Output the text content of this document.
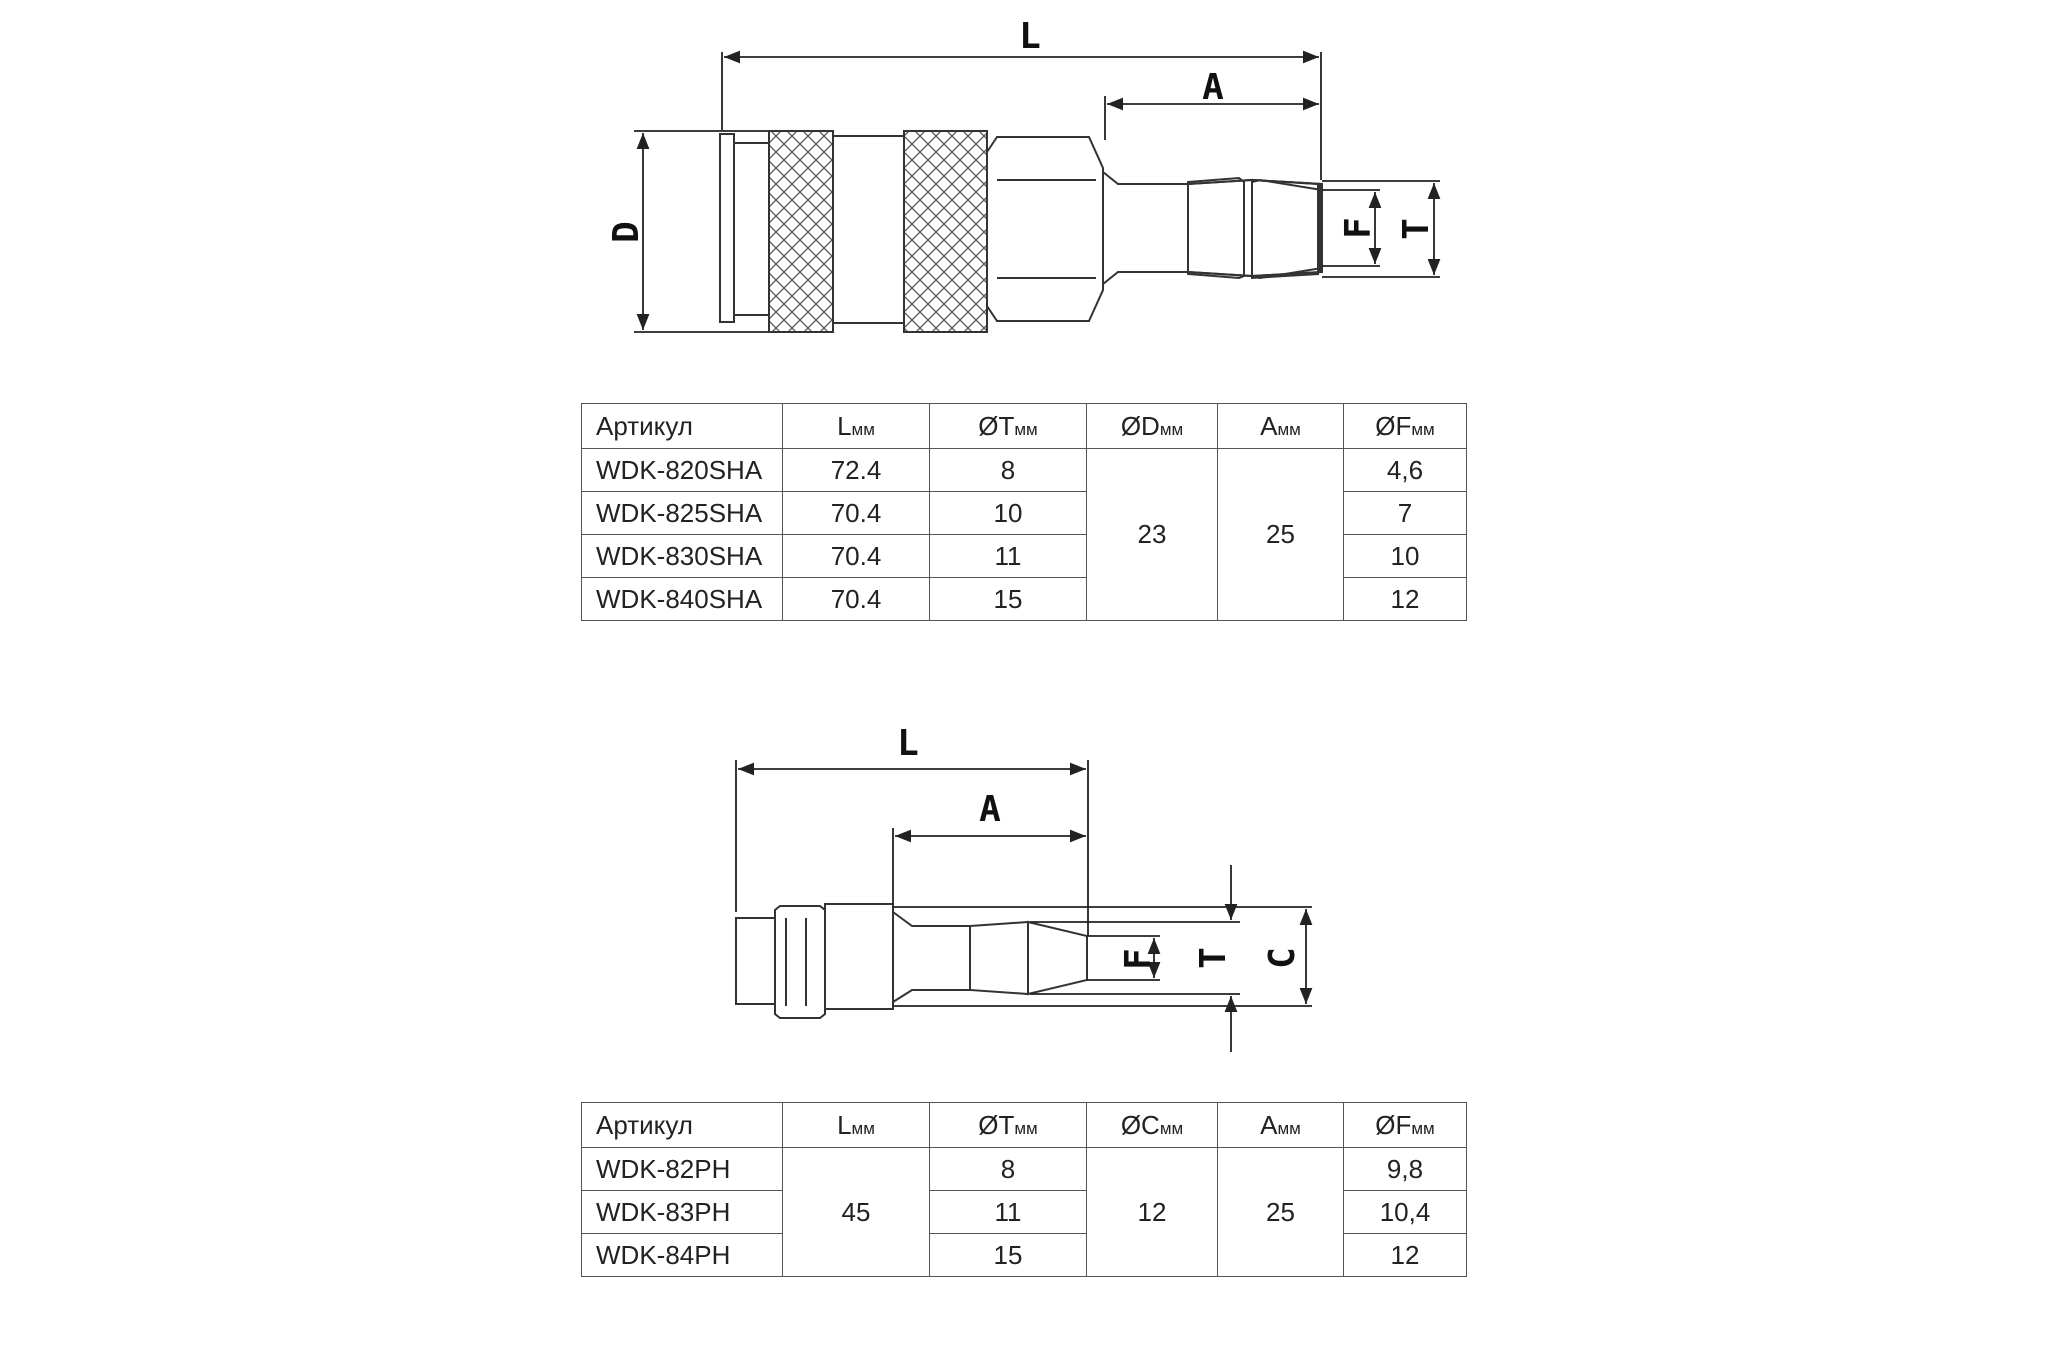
L
A
D	F T
L
A
F T C
Артикул	Lмм	ØTмм	ØDмм	Aмм	ØFмм
WDK-820SHA	72.4	8	23	25	4,6
WDK-825SHA	70.4	10			7
WDK-830SHA	70.4	11			10
WDK-840SHA	70.4	15			12
Артикул	Lмм	ØTмм	ØCмм	Aмм	ØFмм
WDK-82PH	45	8	12	25	9,8
WDK-83PH		11			10,4
WDK-84PH		15			12
